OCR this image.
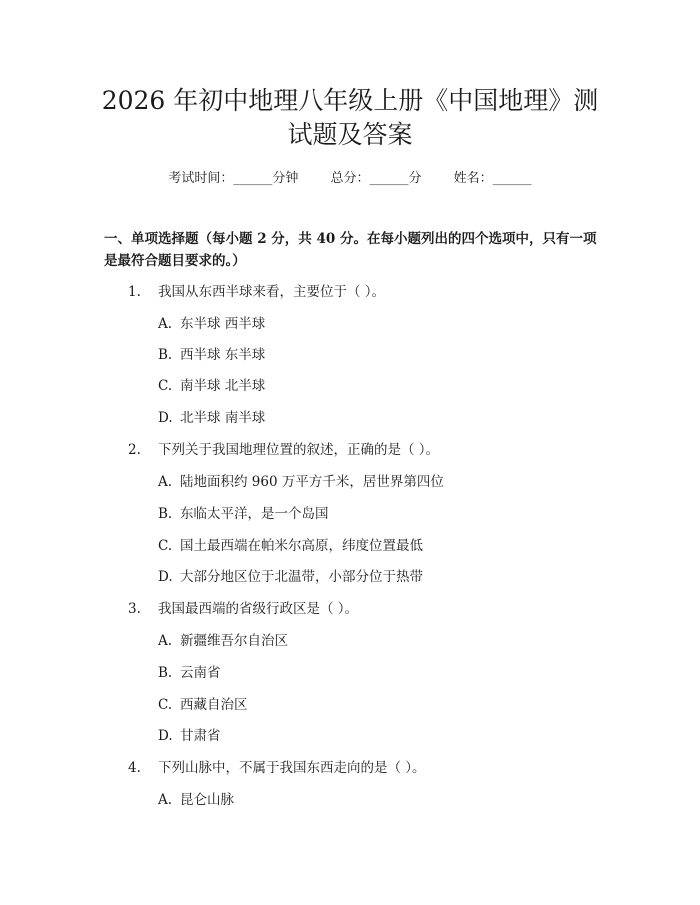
2026 年初中地理八年级上册《中国地理》测
试题及答案
考试时间：______分钟 总分：______分 姓名：______
一、单项选择题（每小题 2 分，共 40 分。在每小题列出的四个选项中，只有一项
是最符合题目要求的。）
1. 我国从东西半球来看，主要位于（ ）。
A. 东半球 西半球
B. 西半球 东半球
C. 南半球 北半球
D. 北半球 南半球
2. 下列关于我国地理位置的叙述，正确的是（ ）。
A. 陆地面积约 960 万平方千米，居世界第四位
B. 东临太平洋，是一个岛国
C. 国土最西端在帕米尔高原，纬度位置最低
D. 大部分地区位于北温带，小部分位于热带
3. 我国最西端的省级行政区是（ ）。
A. 新疆维吾尔自治区
B. 云南省
C. 西藏自治区
D. 甘肃省
4. 下列山脉中，不属于我国东西走向的是（ ）。
A. 昆仑山脉
